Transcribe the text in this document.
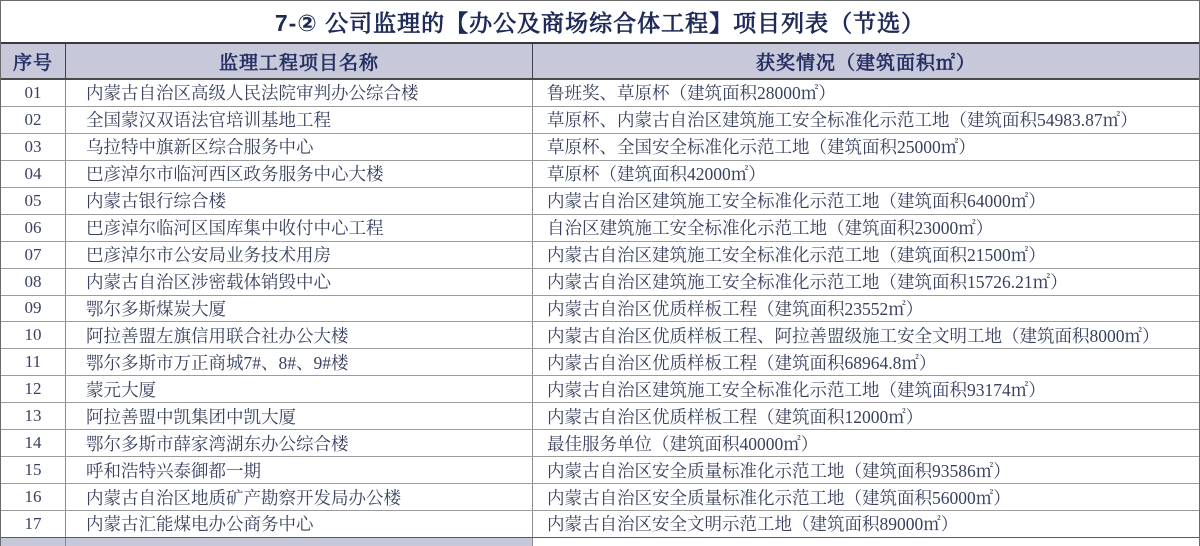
7-② 公司监理的【办公及商场综合体工程】项目列表（节选）
序号	监理工程项目名称	获奖情况（建筑面积㎡）
01	内蒙古自治区高级人民法院审判办公综合楼	鲁班奖、草原杯（建筑面积28000㎡）
02	全国蒙汉双语法官培训基地工程	草原杯、内蒙古自治区建筑施工安全标准化示范工地（建筑面积54983.87㎡）
03	乌拉特中旗新区综合服务中心	草原杯、全国安全标准化示范工地（建筑面积25000㎡）
04	巴彦淖尔市临河西区政务服务中心大楼	草原杯（建筑面积42000㎡）
05	内蒙古银行综合楼	内蒙古自治区建筑施工安全标准化示范工地（建筑面积64000㎡）
06	巴彦淖尔临河区国库集中收付中心工程	自治区建筑施工安全标准化示范工地（建筑面积23000㎡）
07	巴彦淖尔市公安局业务技术用房	内蒙古自治区建筑施工安全标准化示范工地（建筑面积21500㎡）
08	内蒙古自治区涉密载体销毁中心	内蒙古自治区建筑施工安全标准化示范工地（建筑面积15726.21㎡）
09	鄂尔多斯煤炭大厦	内蒙古自治区优质样板工程（建筑面积23552㎡）
10	阿拉善盟左旗信用联合社办公大楼	内蒙古自治区优质样板工程、阿拉善盟级施工安全文明工地（建筑面积8000㎡）
11	鄂尔多斯市万正商城7#、8#、9#楼	内蒙古自治区优质样板工程（建筑面积68964.8㎡）
12	蒙元大厦	内蒙古自治区建筑施工安全标准化示范工地（建筑面积93174㎡）
13	阿拉善盟中凯集团中凯大厦	内蒙古自治区优质样板工程（建筑面积12000㎡）
14	鄂尔多斯市薛家湾湖东办公综合楼	最佳服务单位（建筑面积40000㎡）
15	呼和浩特兴泰御都一期	内蒙古自治区安全质量标准化示范工地（建筑面积93586㎡）
16	内蒙古自治区地质矿产勘察开发局办公楼	内蒙古自治区安全质量标准化示范工地（建筑面积56000㎡）
17	内蒙古汇能煤电办公商务中心	内蒙古自治区安全文明示范工地（建筑面积89000㎡）
